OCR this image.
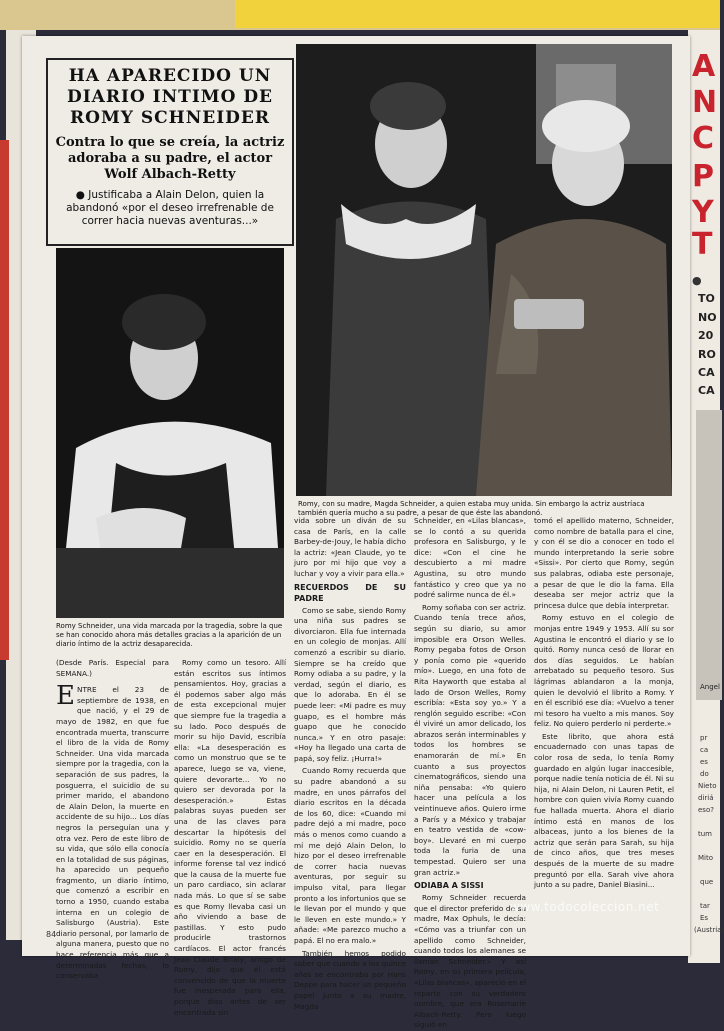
A
N
C
P
Y
T
●
TO
NO
20
RO
CA
CA
pr
ca
es
do
Nieto
diriá
eso?
tum
Mito
que
tar
Es
(Austria)
Angel

HA APARECIDO UN

DIARIO INTIMO DE

ROMY SCHNEIDER

Contra lo que se creía, la actriz adoraba a su padre, el actor Wolf Albach-Retty

● Justificaba a Alain Delon, quien la abandonó «por el deseo irrefrenable de correr hacia nuevas aventuras...»

Romy, con su madre, Magda Schneider, a quien estaba muy unida. Sin embargo la actriz austríaca también quería mucho a su padre, a pesar de que éste las abandonó.
Romy Schneider, una vida marcada por la tragedia, sobre la que se han conocido ahora más detalles gracias a la aparición de un diario íntimo de la actriz desaparecida.

(Desde París. Especial para SEMANA.)

ENTRE el 23 de septiembre de 1938, en que nació, y el 29 de mayo de 1982, en que fue encontrada muerta, transcurre el libro de la vida de Romy Schneider. Una vida marcada siempre por la tragedia, con la separación de sus padres, la posguerra, el suicidio de su primer marido, el abandono de Alain Delon, la muerte en accidente de su hijo... Los días negros la perseguían una y otra vez. Pero de este libro de su vida, que sólo ella conocía en la totalidad de sus páginas, ha aparecido un pequeño fragmento, un diario íntimo, que comenzó a escribir en torno a 1950, cuando estaba interna en un colegio de Salisburgo (Austria). Este diario personal, por lamarlo de alguna manera, puesto que no hace referencia más que a determinadas fechas, lo conservaba

Romy como un tesoro. Allí están escritos sus íntimos pensamientos. Hoy, gracias a él podemos saber algo más de esta excepcional mujer que siempre fue la tragedia a su lado. Poco después de morir su hijo David, escribía ella: «La desesperación es como un monstruo que se te aparece, luego se va, viene, quiere devorarte... Yo no quiero ser devorada por la desesperación.» Estas palabras suyas pueden ser una de las claves para descartar la hipótesis del suicidio. Romy no se quería caer en la desesperación. El informe forense tal vez indicó que la causa de la muerte fue un paro cardiaco, sin aclarar nada más. Lo que sí se sabe es que Romy llevaba casi un año viviendo a base de pastillas. Y esto pudo producirle trastornos cardíacos. El actor francés Jean Claude Brialy, amigo de Romy, dijo que él está convencido de que la muerte fue inesperada para ella, porque días antes de ser encontrada sin

vida sobre un diván de su casa de París, en la calle Barbey-de-Jouy, le había dicho la actriz: «Jean Claude, yo te juro por mi hijo que voy a luchar y voy a vivir para ella.»

RECUERDOS DE SU PADRE

Como se sabe, siendo Romy una niña sus padres se divorciaron. Ella fue internada en un colegio de monjas. Allí comenzó a escribir su diario. Siempre se ha creído que Romy odiaba a su padre, y la verdad, según el diario, es que lo adoraba. En él se puede leer: «Mi padre es muy guapo, es el hombre más guapo que he conocido nunca.» Y en otro pasaje: «Hoy ha llegado una carta de papá, soy feliz. ¡Hurra!»

Cuando Romy recuerda que su padre abandonó a su madre, en unos párrafos del diario escritos en la década de los 60, dice: «Cuando mi padre dejó a mi madre, poco más o menos como cuando a mí me dejó Alain Delon, lo hizo por el deseo irrefrenable de correr hacia nuevas aventuras, por seguir su impulso vital, para llegar pronto a los infortunios que se le llevan por el mundo y que le lleven en este mundo.» Y añade: «Me parezco mucho a papá. El no era malo.»

También hemos podido saber que cuando a los quince años se encontraba por Hans Deppe para hacer un pequeño papel junto a su madre, Magda

Schneider, en «Lilas blancas», se lo contó a su querida profesora en Salisburgo, y le dice: «Con el cine he descubierto a mi madre Agustina, su otro mundo fantástico y creo que ya no podré salirme nunca de él.»

Romy soñaba con ser actriz. Cuando tenía trece años, según su diario, su amor imposible era Orson Welles. Romy pegaba fotos de Orson y ponía como pie «querido mío». Luego, en una foto de Rita Hayworth que estaba al lado de Orson Welles, Romy escribía: «Esta soy yo.» Y a renglón seguido escribe: «Con él viviré un amor delicado, los abrazos serán interminables y todos los hombres se enamorarán de mí.» En cuanto a sus proyectos cinematográficos, siendo una niña pensaba: «Yo quiero hacer una película a los veintinueve años. Quiero irme a París y a México y trabajar en teatro vestida de «cow-boy». Llevaré en mi cuerpo toda la furia de una tempestad. Quiero ser una gran actriz.»

ODIABA A SISSI

Romy Schneider recuerda que el director preferido de su madre, Max Ophuls, le decía: «Cómo vas a triunfar con un apellido como Schneider, cuando todos los alemanes se llaman Schneider.» Y así Romy, en su primera película, «Lilas blancas», apareció en el reparto con su verdadero nombre, que era Rosemarie Albach-Retty. Pero luego siguió en

tomó el apellido materno, Schneider, como nombre de batalla para el cine, y con él se dio a conocer en todo el mundo interpretando la serie sobre «Sissi». Por cierto que Romy, según sus palabras, odiaba este personaje, a pesar de que le dio la fama. Ella deseaba ser mejor actriz que la princesa dulce que debía interpretar.

Romy estuvo en el colegio de monjas entre 1949 y 1953. Allí su sor Agustina le encontró el diario y se lo quitó. Romy nunca cesó de llorar en dos días seguidos. Le habían arrebatado su pequeño tesoro. Sus lágrimas ablandaron a la monja, quien le devolvió el librito a Romy. Y en él escribió ese día: «Vuelvo a tener mi tesoro ha vuelto a mis manos. Soy feliz. No quiero perderlo ni perderte.»

Este librito, que ahora está encuadernado con unas tapas de color rosa de seda, lo tenía Romy guardado en algún lugar inaccesible, porque nadie tenía noticia de él. Ni su hija, ni Alain Delon, ni Lauren Petit, el hombre con quien vivía Romy cuando fue hallada muerta. Ahora el diario íntimo está en manos de los albaceas, junto a los bienes de la actriz que serán para Sarah, su hija de cinco años, que tres meses después de la muerte de su madre preguntó por ella. Sarah vive ahora junto a su padre, Daniel Biasini...

84
www.todocoleccion.net
